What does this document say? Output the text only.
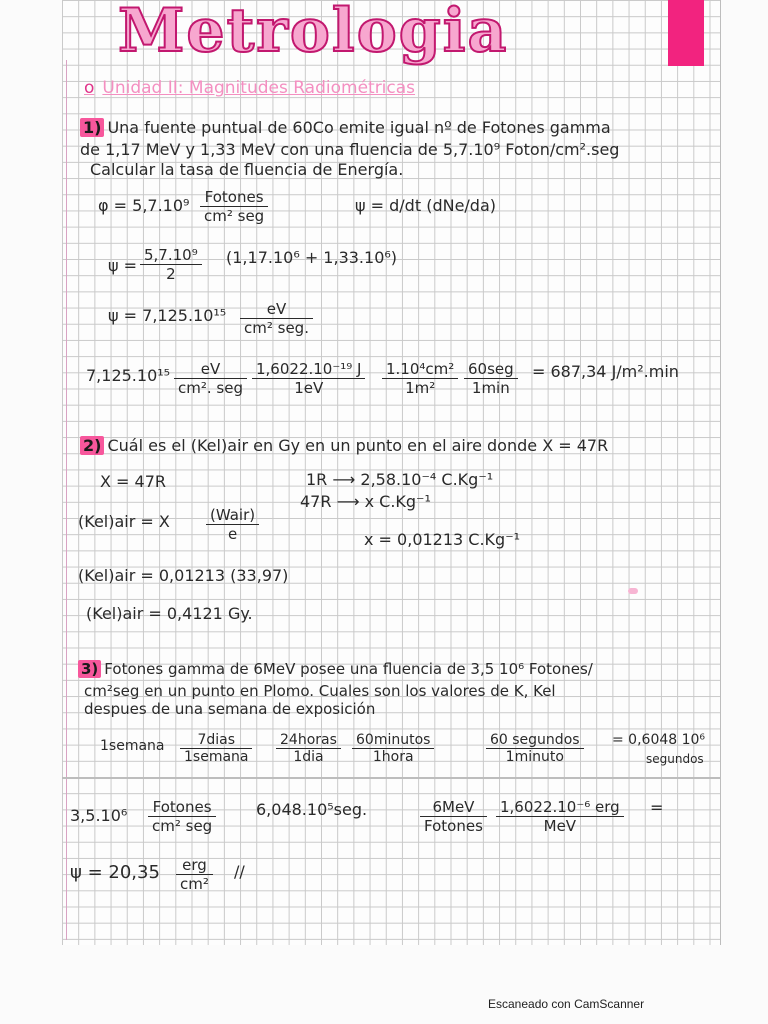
Metrologia
o Unidad II: Magnitudes Radiométricas
1) Una fuente puntual de 60Co emite igual nº de Fotones gamma
de 1,17 MeV y 1,33 MeV con una fluencia de 5,7.10⁹ Foton/cm².seg
Calcular la tasa de fluencia de Energía.
φ = 5,7.10⁹	Fotones
cm² seg
ψ = d/dt (dNe/da)
$\psi = \frac{\text{5,7.10⁹}}{2} (1,17.10^6 + 1,33.10^6)$
ψ = 7,125.10¹⁵	eV
cm² seg.
7,125.10¹⁵	eV
cm². seg $\frac{\text{1,6022.10⁻¹⁹ J}}{1eV} \frac{\text{1.10⁴cm²}}{\text{1m²}} 60seg$
1min
= 687,34 J/m².min
2) Cuál es el (Kel)air en Gy en un punto en el aire donde X = 47R
X = 47R	1R ⟶ 2,58.10⁻⁴ C.Kg⁻¹
47R ⟶ x C.Kg⁻¹
(Kel)air = X	(Wair)
e	x = 0,01213 C.Kg⁻¹
(Kel)air = 0,01213 (33,97)
(Kel)air = 0,4121 Gy.
3) Fotones gamma de 6MeV posee una fluencia de 3,5 10⁶ Fotones/
cm²seg en un punto en Plomo. Cuales son los valores de K, Kel
despues de una semana de exposición
1semana	7dias
1semana
24horas
1dia
60minutos
1hora
60 segundos
1minuto
= 0,6048 10⁶
segundos
3,5.10⁶	Fotones
cm² seg
6,048.10⁵seg.	6MeV
Fotones
1,6022.10⁻⁶ erg
MeV
=
ψ = 20,35	erg
cm²
//
Escaneado con CamScanner
